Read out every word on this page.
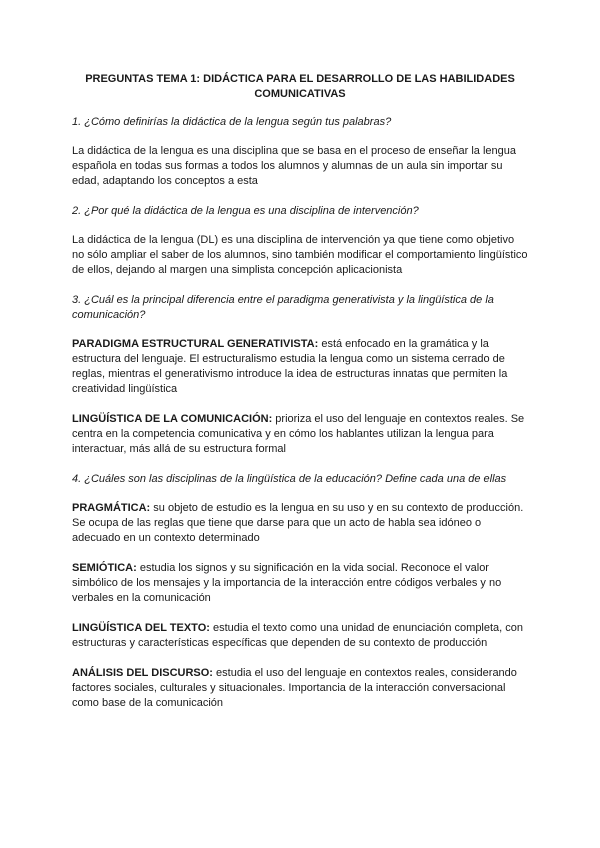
PREGUNTAS TEMA 1: DIDÁCTICA PARA EL DESARROLLO DE LAS HABILIDADES COMUNICATIVAS

1. ¿Cómo definirías la didáctica de la lengua según tus palabras?

La didáctica de la lengua es una disciplina que se basa en el proceso de enseñar la lengua española en todas sus formas a todos los alumnos y alumnas de un aula sin importar su edad, adaptando los conceptos a esta

2. ¿Por qué la didáctica de la lengua es una disciplina de intervención?

La didáctica de la lengua (DL) es una disciplina de intervención ya que tiene como objetivo no sólo ampliar el saber de los alumnos, sino también modificar el comportamiento lingüístico de ellos, dejando al margen una simplista concepción aplicacionista

3. ¿Cuál es la principal diferencia entre el paradigma generativista y la lingüística de la comunicación?

PARADIGMA ESTRUCTURAL GENERATIVISTA: está enfocado en la gramática y la estructura del lenguaje. El estructuralismo estudia la lengua como un sistema cerrado de reglas, mientras el generativismo introduce la idea de estructuras innatas que permiten la creatividad lingüística

LINGÜÍSTICA DE LA COMUNICACIÓN: prioriza el uso del lenguaje en contextos reales. Se centra en la competencia comunicativa y en cómo los hablantes utilizan la lengua para interactuar, más allá de su estructura formal

4. ¿Cuáles son las disciplinas de la lingüística de la educación? Define cada una de ellas

PRAGMÁTICA: su objeto de estudio es la lengua en su uso y en su contexto de producción. Se ocupa de las reglas que tiene que darse para que un acto de habla sea idóneo o adecuado en un contexto determinado

SEMIÓTICA: estudia los signos y su significación en la vida social. Reconoce el valor simbólico de los mensajes y la importancia de la interacción entre códigos verbales y no verbales en la comunicación

LINGÜÍSTICA DEL TEXTO: estudia el texto como una unidad de enunciación completa, con estructuras y características específicas que dependen de su contexto de producción

ANÁLISIS DEL DISCURSO: estudia el uso del lenguaje en contextos reales, considerando factores sociales, culturales y situacionales. Importancia de la interacción conversacional como base de la comunicación
